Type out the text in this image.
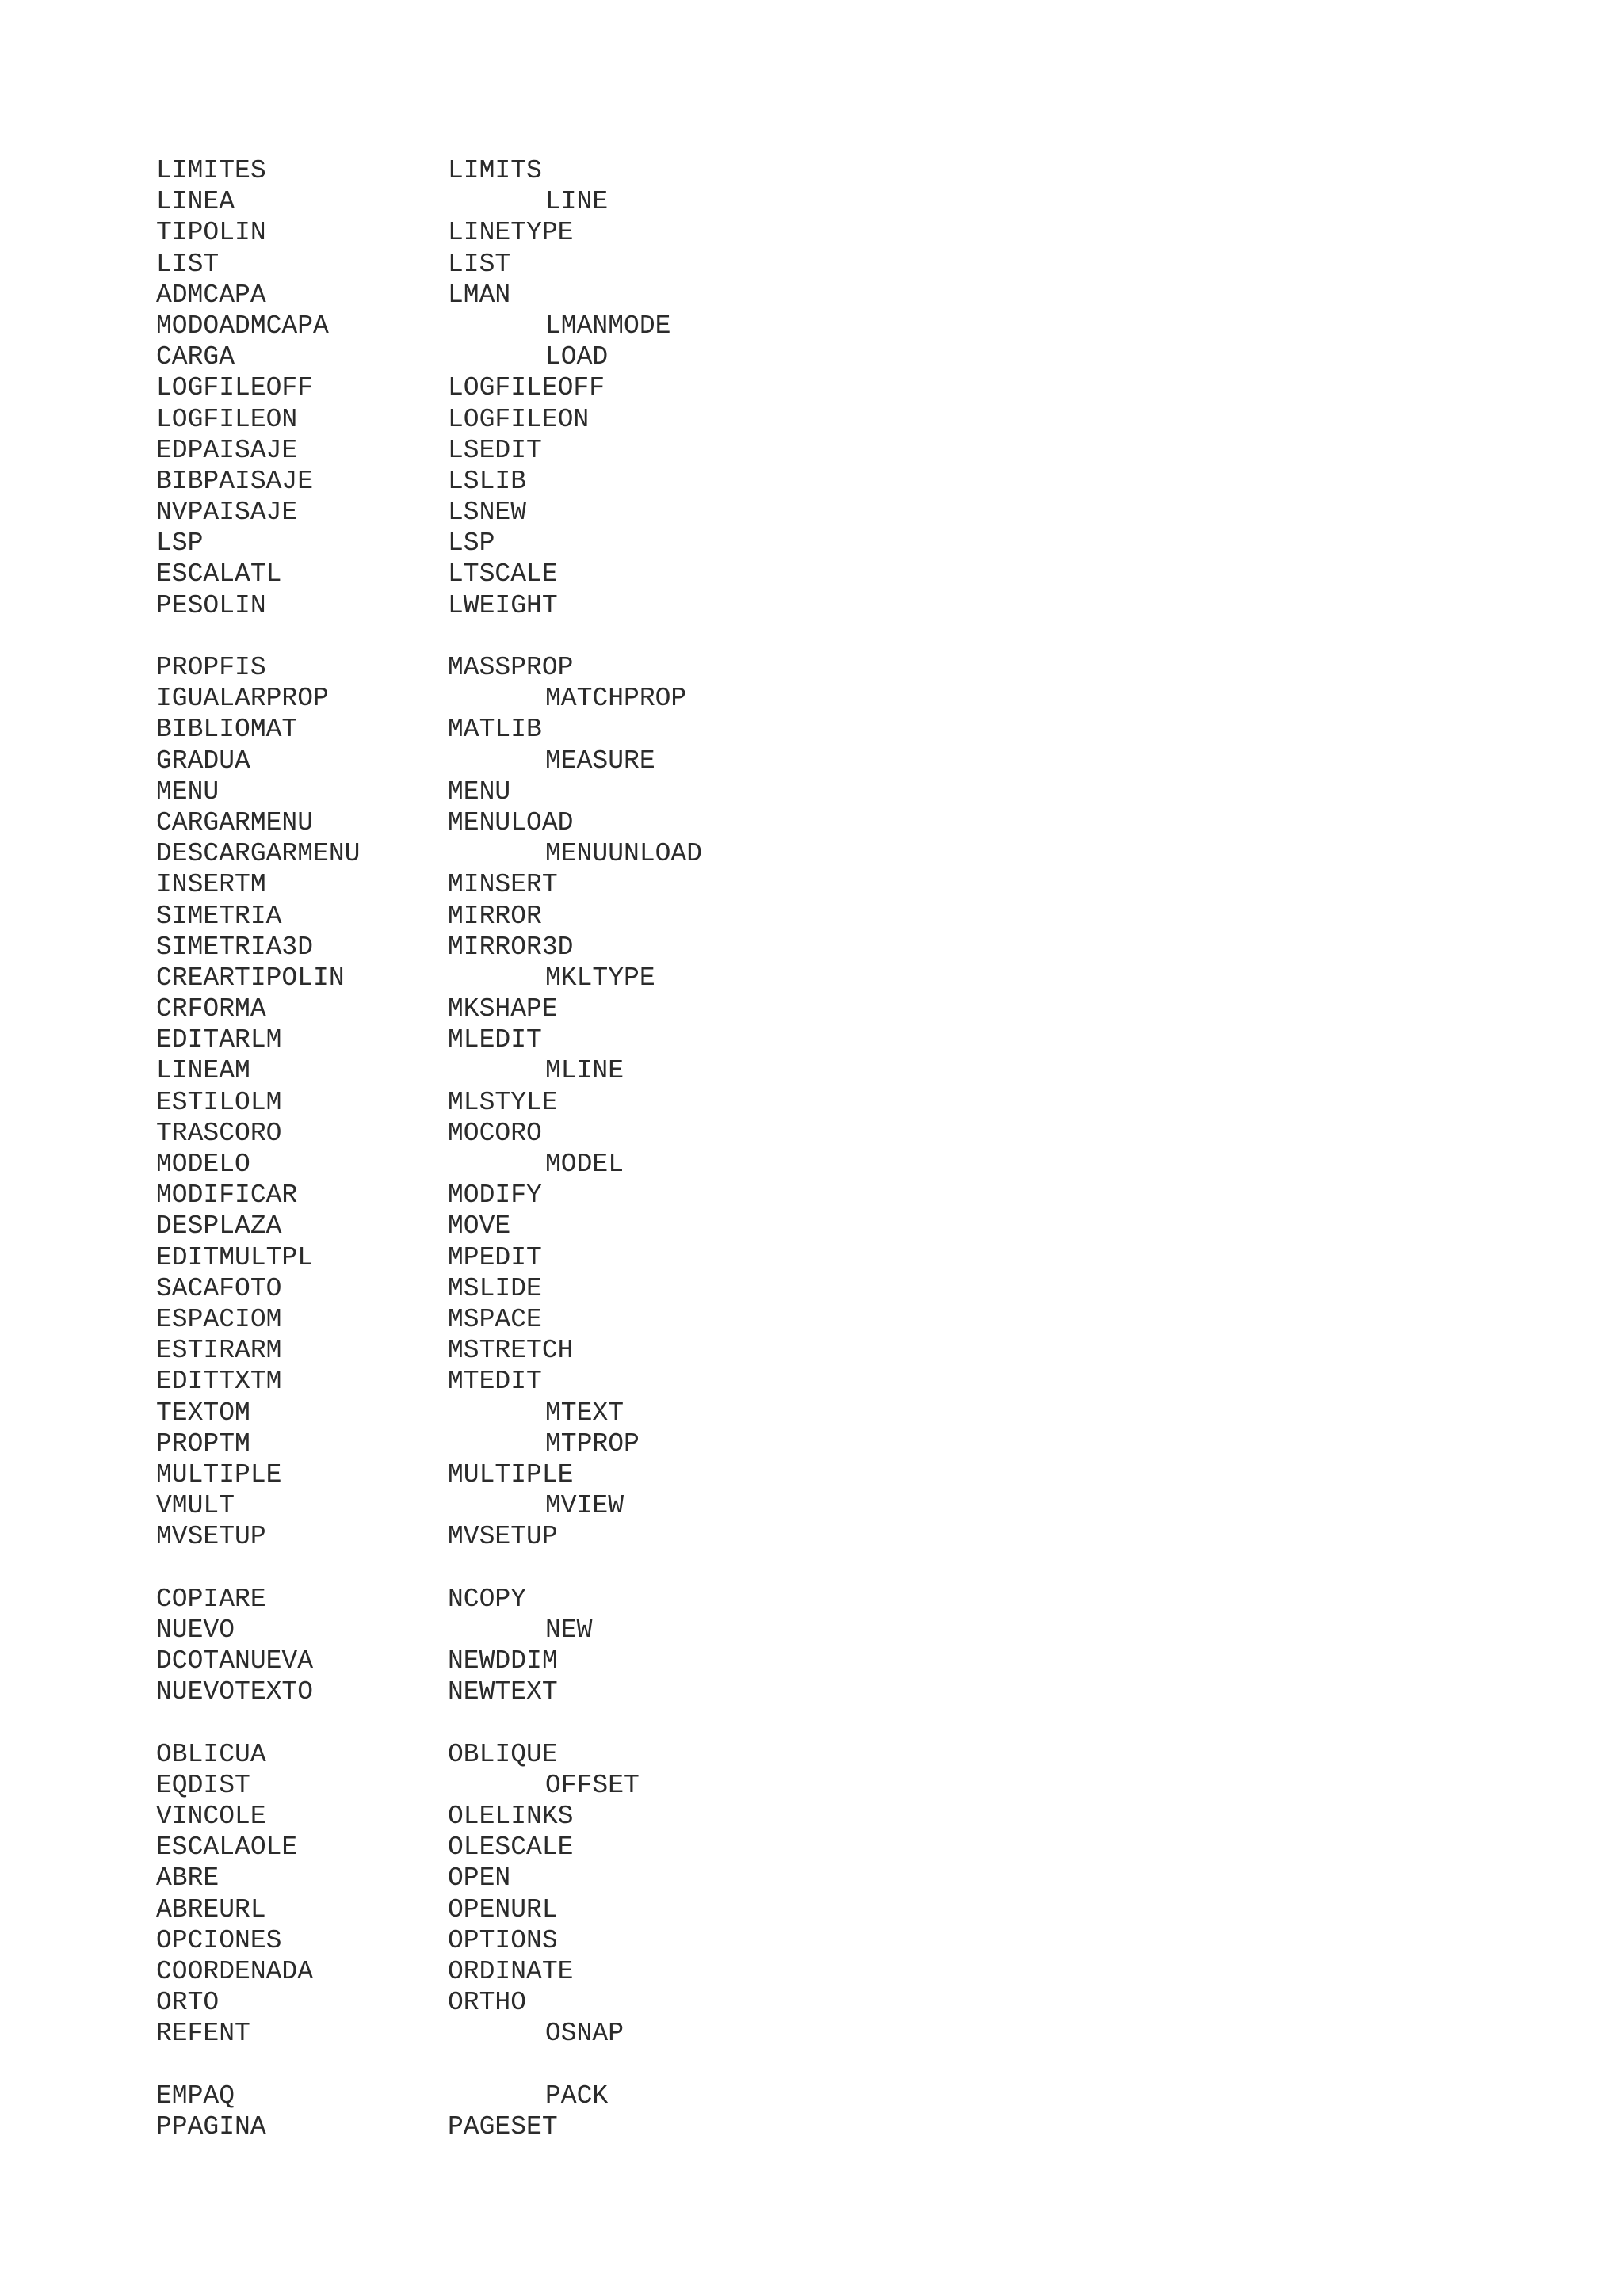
LIMITES	LIMITS
LINEA	LINE
TIPOLIN	LINETYPE
LIST	LIST
ADMCAPA	LMAN
MODOADMCAPA	LMANMODE
CARGA	LOAD
LOGFILEOFF	LOGFILEOFF
LOGFILEON	LOGFILEON
EDPAISAJE	LSEDIT
BIBPAISAJE	LSLIB
NVPAISAJE	LSNEW
LSP	LSP
ESCALATL	LTSCALE
PESOLIN	LWEIGHT
PROPFIS	MASSPROP
IGUALARPROP	MATCHPROP
BIBLIOMAT	MATLIB
GRADUA	MEASURE
MENU	MENU
CARGARMENU	MENULOAD
DESCARGARMENU	MENUUNLOAD
INSERTM	MINSERT
SIMETRIA	MIRROR
SIMETRIA3D	MIRROR3D
CREARTIPOLIN	MKLTYPE
CRFORMA	MKSHAPE
EDITARLM	MLEDIT
LINEAM	MLINE
ESTILOLM	MLSTYLE
TRASCORO	MOCORO
MODELO	MODEL
MODIFICAR	MODIFY
DESPLAZA	MOVE
EDITMULTPL	MPEDIT
SACAFOTO	MSLIDE
ESPACIOM	MSPACE
ESTIRARM	MSTRETCH
EDITTXTM	MTEDIT
TEXTOM	MTEXT
PROPTM	MTPROP
MULTIPLE	MULTIPLE
VMULT	MVIEW
MVSETUP	MVSETUP
COPIARE	NCOPY
NUEVO	NEW
DCOTANUEVA	NEWDDIM
NUEVOTEXTO	NEWTEXT
OBLICUA	OBLIQUE
EQDIST	OFFSET
VINCOLE	OLELINKS
ESCALAOLE	OLESCALE
ABRE	OPEN
ABREURL	OPENURL
OPCIONES	OPTIONS
COORDENADA	ORDINATE
ORTO	ORTHO
REFENT	OSNAP
EMPAQ	PACK
PPAGINA	PAGESET
